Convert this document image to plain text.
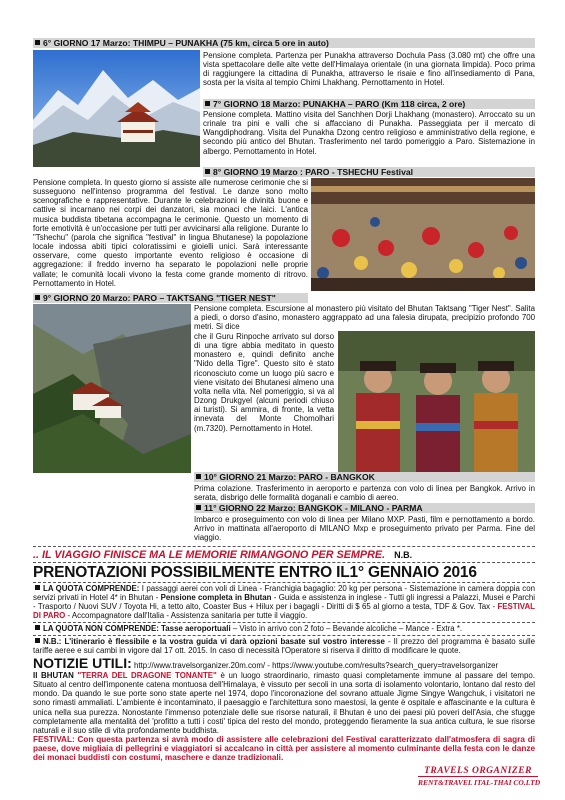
6° GIORNO 17 Marzo: THIMPU – PUNAKHA (75 km, circa 5 ore in auto)
Pensione completa. Partenza per Punakha attraverso Dochula Pass (3.080 mt) che offre una vista spettacolare delle alte vette dell'Himalaya orientale (in una giornata limpida). Poco prima di raggiungere la cittadina di Punakha, attraverso le risaie e fino all'insediamento di Pana, sosta per la visita al tempio Chimi Lhakhang. Pernottamento in Hotel.
7° GIORNO 18 Marzo: PUNAKHA – PARO (Km 118 circa, 2 ore)
Pensione completa. Mattino visita del Sanchhen Dorji Lhakhang (monastero). Arroccato su un crinale tra pini e valli che si affacciano di Punakha. Passeggiata per il mercato di Wangdiphodrang. Visita del Punakha Dzong centro religioso e amministrativo della regione, e secondo più antico del Bhutan. Trasferimento nel tardo pomeriggio a Paro. Sistemazione in albergo. Pernottamento in Hotel.
8° GIORNO 19 Marzo : PARO - TSHECHU Festival
Pensione completa. In questo giorno si assiste alle numerose cerimonie che si susseguono nell'intenso programma del festival. Le danze sono molto scenografiche e rappresentative. Durante le celebrazioni le divinità buone e cattive si incarnano nei corpi dei danzatori, sia monaci che laici. L'antica musica buddista tibetana accompagna le cerimonie. Questo un momento di forte emotività è un'occasione per tutti per avvicinarsi alla religione. Durante lo "Tshechu" (parola che significa "festival" in lingua Bhutanese) la popolazione locale indossa abiti tipici coloratissimi e gioielli unici. Sarà interessante osservare, come questo importante evento religioso è occasione di aggregazione: il freddo inverno ha separato le popolazioni nelle proprie vallate; le comunità locali vivono la festa come grande momento di ritrovo. Pernottamento in Hotel.
9° GIORNO 20 Marzo: PARO – TAKTSANG "TIGER NEST"
Pensione completa. Escursione al monastero più visitato del Bhutan Taktsang "Tiger Nest". Salita a piedi, o dorso d'asino, monastero aggrappato ad una falesia dirupata, precipizio profondo 700 metri. Si dice
che il Guru Rinpoche arrivato sul dorso di una tigre abbia meditato in questo monastero e, quindi definito anche "Nido della Tigre". Questo sito è stato riconosciuto come un luogo più sacro e viene visitato dei Bhutanesi almeno una volta nella vita. Nel pomeriggio, si va al Dzong Drukgyel (alcuni periodi chiuso ai turisti). Si ammira, di fronte, la vetta innevata del Monte Chomolhari (m.7320). Pernottamento in Hotel.
10° GIORNO 21 Marzo: PARO - BANGKOK
Prima colazione. Trasferimento in aeroporto e partenza con volo di linea per Bangkok. Arrivo in serata, disbrigo delle formalità doganali e cambio di aereo.
11° GIORNO 22 Marzo: BANGKOK - MILANO - PARMA
Imbarco e proseguimento con volo di linea per Milano MXP. Pasti, film e pernottamento a bordo. Arrivo in mattinata all'aeroporto di MILANO Mxp e proseguimento privato per Parma. Fine del viaggio.
.. IL VIAGGIO FINISCE MA LE MEMORIE RIMANGONO PER SEMPRE. N.B.
PRENOTAZIONI POSSIBILMENTE ENTRO IL1° GENNAIO 2016
LA QUOTA COMPRENDE: I passaggi aerei con voli di Linea - Franchigia bagaglio: 20 kg per persona - Sistemazione in camera doppia con servizi privati in Hotel 4* in Bhutan - Pensione completa in Bhutan - Guida e assistenza in inglese - Tutti gli ingressi a Palazzi, Musei e Parchi - Trasporto / Nuovi SUV / Toyota Hi, a tetto alto, Coaster Bus + Hilux per i bagagli - Diritti di $ 65 al giorno a testa, TDF & Gov. Tax - FESTIVAL DI PARO - Accompagnatore dall'Italia - Assistenza sanitaria per tutte il viaggio.
LA QUOTA NON COMPRENDE: Tasse aeroportuali – Visto in arrivo con 2 foto – Bevande alcoliche – Mance - Extra *.
N.B.: L'itinerario è flessibile e la vostra guida vi darà opzioni basate sul vostro interesse - Il prezzo del programma è basato sulle tariffe aeree e sui cambi in vigore dal 17 ott. 2015. In caso di necessità l'Operatore si riserva il diritto di modificare le quote.
NOTIZIE UTILI: http://www.travelsorganizer.20m.com/ - https://www.youtube.com/results?search_query=travelsorganizer
Il BHUTAN "TERRA DEL DRAGONE TONANTE" è un luogo straordinario, rimasto quasi completamente immune al passare del tempo. Situato al centro dell'imponente catena montuosa dell'Himalaya, è vissuto per secoli in una sorta di isolamento volontario, lontano dal resto del mondo. Da quando le sue porte sono state aperte nel 1974, dopo l'incoronazione del sovrano attuale Jigme Singye Wangchuk, i visitatori ne sono rimasti ammaliati. L'ambiente è incontaminato, il paesaggio e l'architettura sono maestosi, la gente è ospitale e affascinante e la cultura è unica nella sua purezza. Nonostante l'immenso potenziale delle sue risorse naturali, il Bhutan è uno dei paesi più poveri dell'Asia, che sfugge completamente alla mentalità del 'profitto a tutti i costi' tipica del resto del mondo, proteggendo fieramente la sua antica cultura, le sue risorse naturali e il suo stile di vita profondamente buddhista.
FESTIVAL: Con questa partenza si avrà modo di assistere alle celebrazioni del Festival caratterizzato dall'atmosfera di sagra di paese, dove migliaia di pellegrini e viaggiatori si accalcano in città per assistere al momento culminante della festa con le danze dei monaci buddisti con costumi, maschere e danze tradizionali.
TRAVELS ORGANIZER
RENT&TRAVEL ITAL-THAI CO.LTD
